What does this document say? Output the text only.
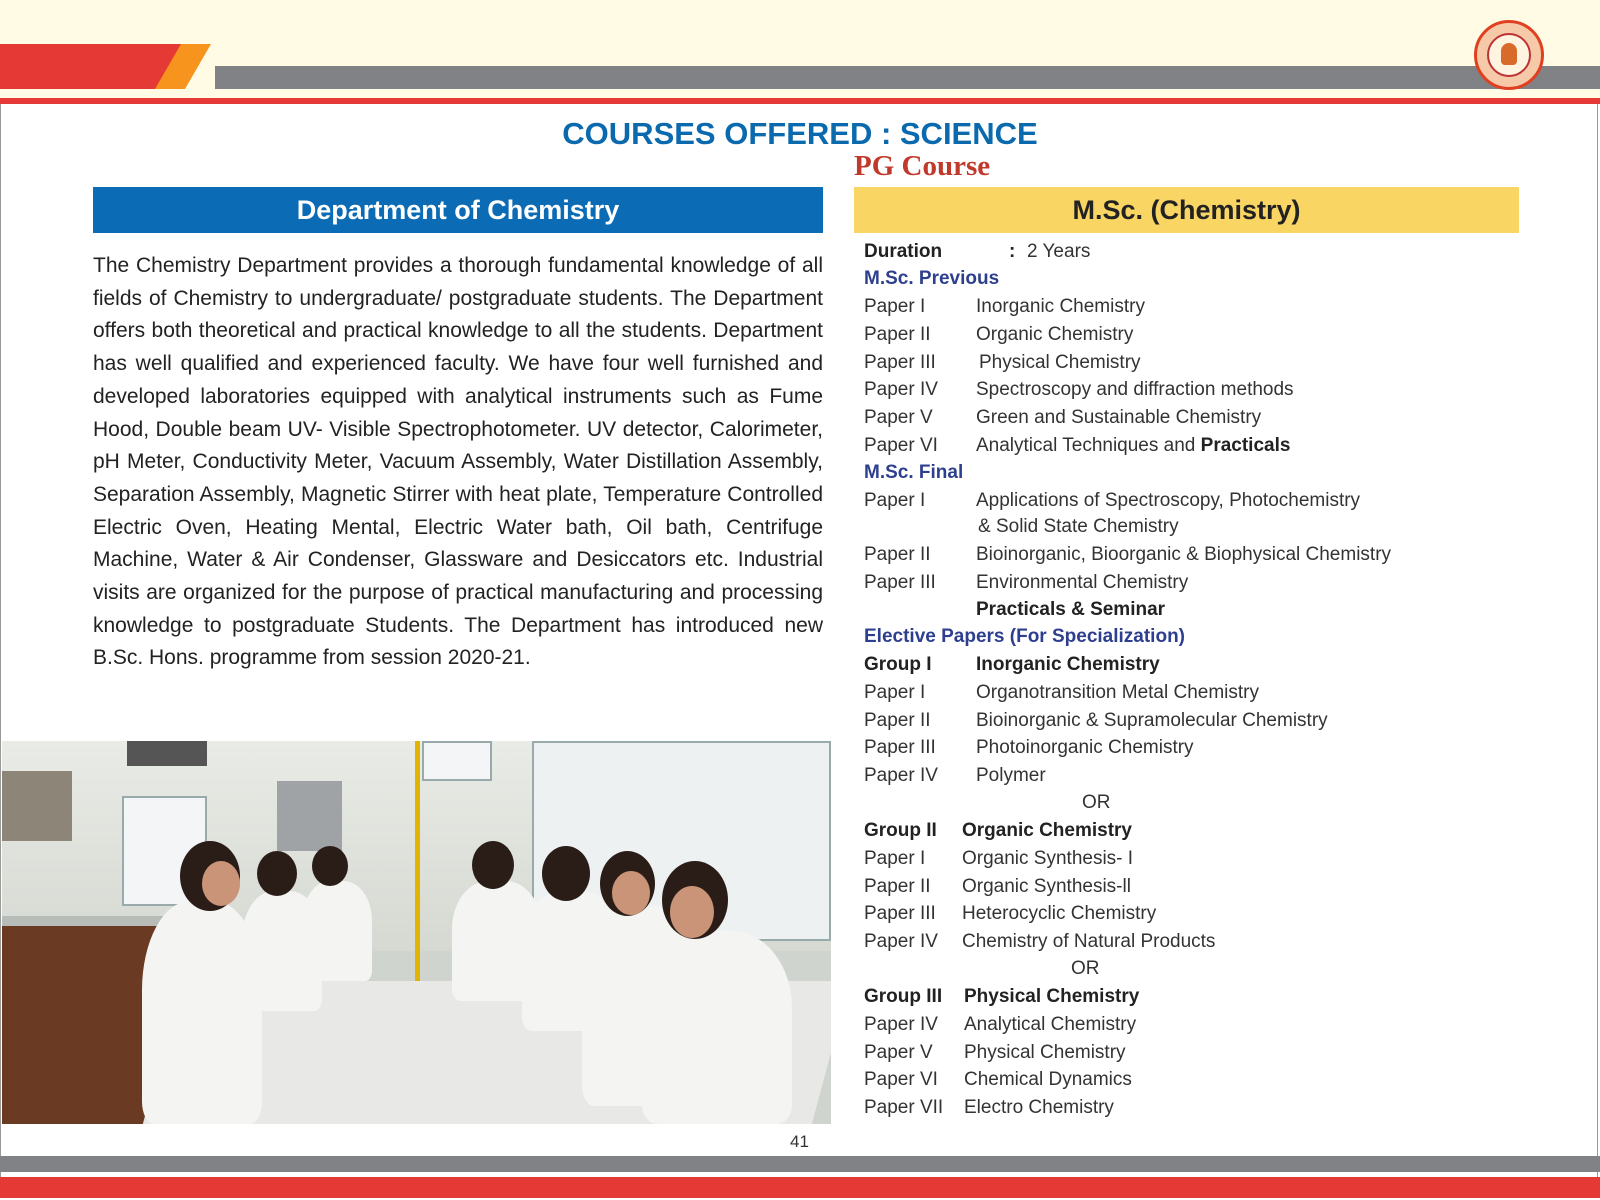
COURSES OFFERED : SCIENCE
PG Course
Department of Chemistry
The Chemistry Department provides a thorough fundamental knowledge of all fields of Chemistry to undergraduate/ postgraduate students. The Department offers both theoretical and practical knowledge to all the students. Department has well qualified and experienced faculty. We have four well furnished and developed laboratories equipped with analytical instruments such as Fume Hood, Double beam UV- Visible Spectrophotometer. UV detector, Calorimeter, pH Meter, Conductivity Meter, Vacuum Assembly, Water Distillation Assembly, Separation Assembly, Magnetic Stirrer with heat plate, Temperature Controlled Electric Oven, Heating Mental, Electric Water bath, Oil bath, Centrifuge Machine, Water & Air Condenser, Glassware and Desiccators etc. Industrial visits are organized for the purpose of practical manufacturing and processing knowledge to postgraduate Students. The Department has introduced new B.Sc. Hons. programme from session 2020-21.
M.Sc. (Chemistry)
Duration	: 2 Years
M.Sc. Previous
Paper I	Inorganic Chemistry
Paper II Organic Chemistry
Paper III Physical Chemistry
Paper IV Spectroscopy and diffraction methods
Paper V Green and Sustainable Chemistry
Paper VI Analytical Techniques and Practicals
M.Sc. Final
Paper I	Applications of Spectroscopy, Photochemistry
& Solid State Chemistry
Paper II Bioinorganic, Bioorganic & Biophysical Chemistry
Paper III Environmental Chemistry
Practicals & Seminar
Elective Papers (For Specialization)
Group I Inorganic Chemistry
Paper I	Organotransition Metal Chemistry
Paper II Bioinorganic & Supramolecular Chemistry
Paper III Photoinorganic Chemistry
Paper IV Polymer
OR
Group II Organic Chemistry
Paper I Organic Synthesis- I
Paper II Organic Synthesis-ll
Paper III Heterocyclic Chemistry
Paper IV Chemistry of Natural Products
OR
Group III Physical Chemistry
Paper IV Analytical Chemistry
Paper V Physical Chemistry
Paper VI Chemical Dynamics
Paper VII Electro Chemistry
41
